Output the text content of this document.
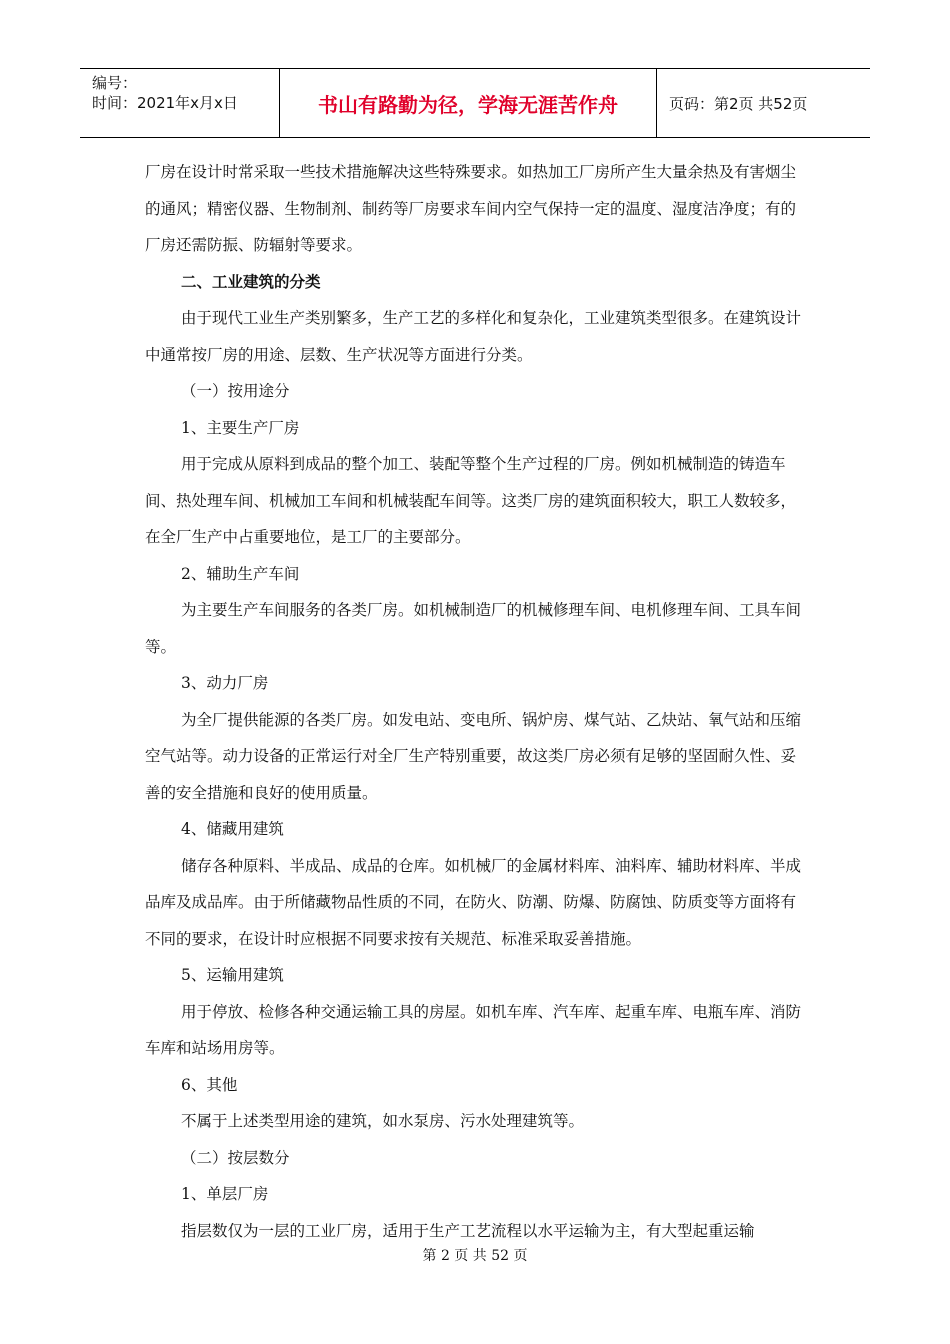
编号：
时间：2021年x月x日	书山有路勤为径，学海无涯苦作舟	页码：第2页 共52页

厂房在设计时常采取一些技术措施解决这些特殊要求。如热加工厂房所产生大量余热及有害烟尘的通风；精密仪器、生物制剂、制药等厂房要求车间内空气保持一定的温度、湿度洁净度；有的厂房还需防振、防辐射等要求。

二、工业建筑的分类

由于现代工业生产类别繁多，生产工艺的多样化和复杂化，工业建筑类型很多。在建筑设计中通常按厂房的用途、层数、生产状况等方面进行分类。

（一）按用途分

1、主要生产厂房

用于完成从原料到成品的整个加工、装配等整个生产过程的厂房。例如机械制造的铸造车间、热处理车间、机械加工车间和机械装配车间等。这类厂房的建筑面积较大，职工人数较多，在全厂生产中占重要地位，是工厂的主要部分。

2、辅助生产车间

为主要生产车间服务的各类厂房。如机械制造厂的机械修理车间、电机修理车间、工具车间等。

3、动力厂房

为全厂提供能源的各类厂房。如发电站、变电所、锅炉房、煤气站、乙炔站、氧气站和压缩空气站等。动力设备的正常运行对全厂生产特别重要，故这类厂房必须有足够的坚固耐久性、妥善的安全措施和良好的使用质量。

4、储藏用建筑

储存各种原料、半成品、成品的仓库。如机械厂的金属材料库、油料库、辅助材料库、半成品库及成品库。由于所储藏物品性质的不同，在防火、防潮、防爆、防腐蚀、防质变等方面将有不同的要求，在设计时应根据不同要求按有关规范、标准采取妥善措施。

5、运输用建筑

用于停放、检修各种交通运输工具的房屋。如机车库、汽车库、起重车库、电瓶车库、消防车库和站场用房等。

6、其他

不属于上述类型用途的建筑，如水泵房、污水处理建筑等。

（二）按层数分

1、单层厂房

指层数仅为一层的工业厂房，适用于生产工艺流程以水平运输为主，有大型起重运输

第 2 页 共 52 页
